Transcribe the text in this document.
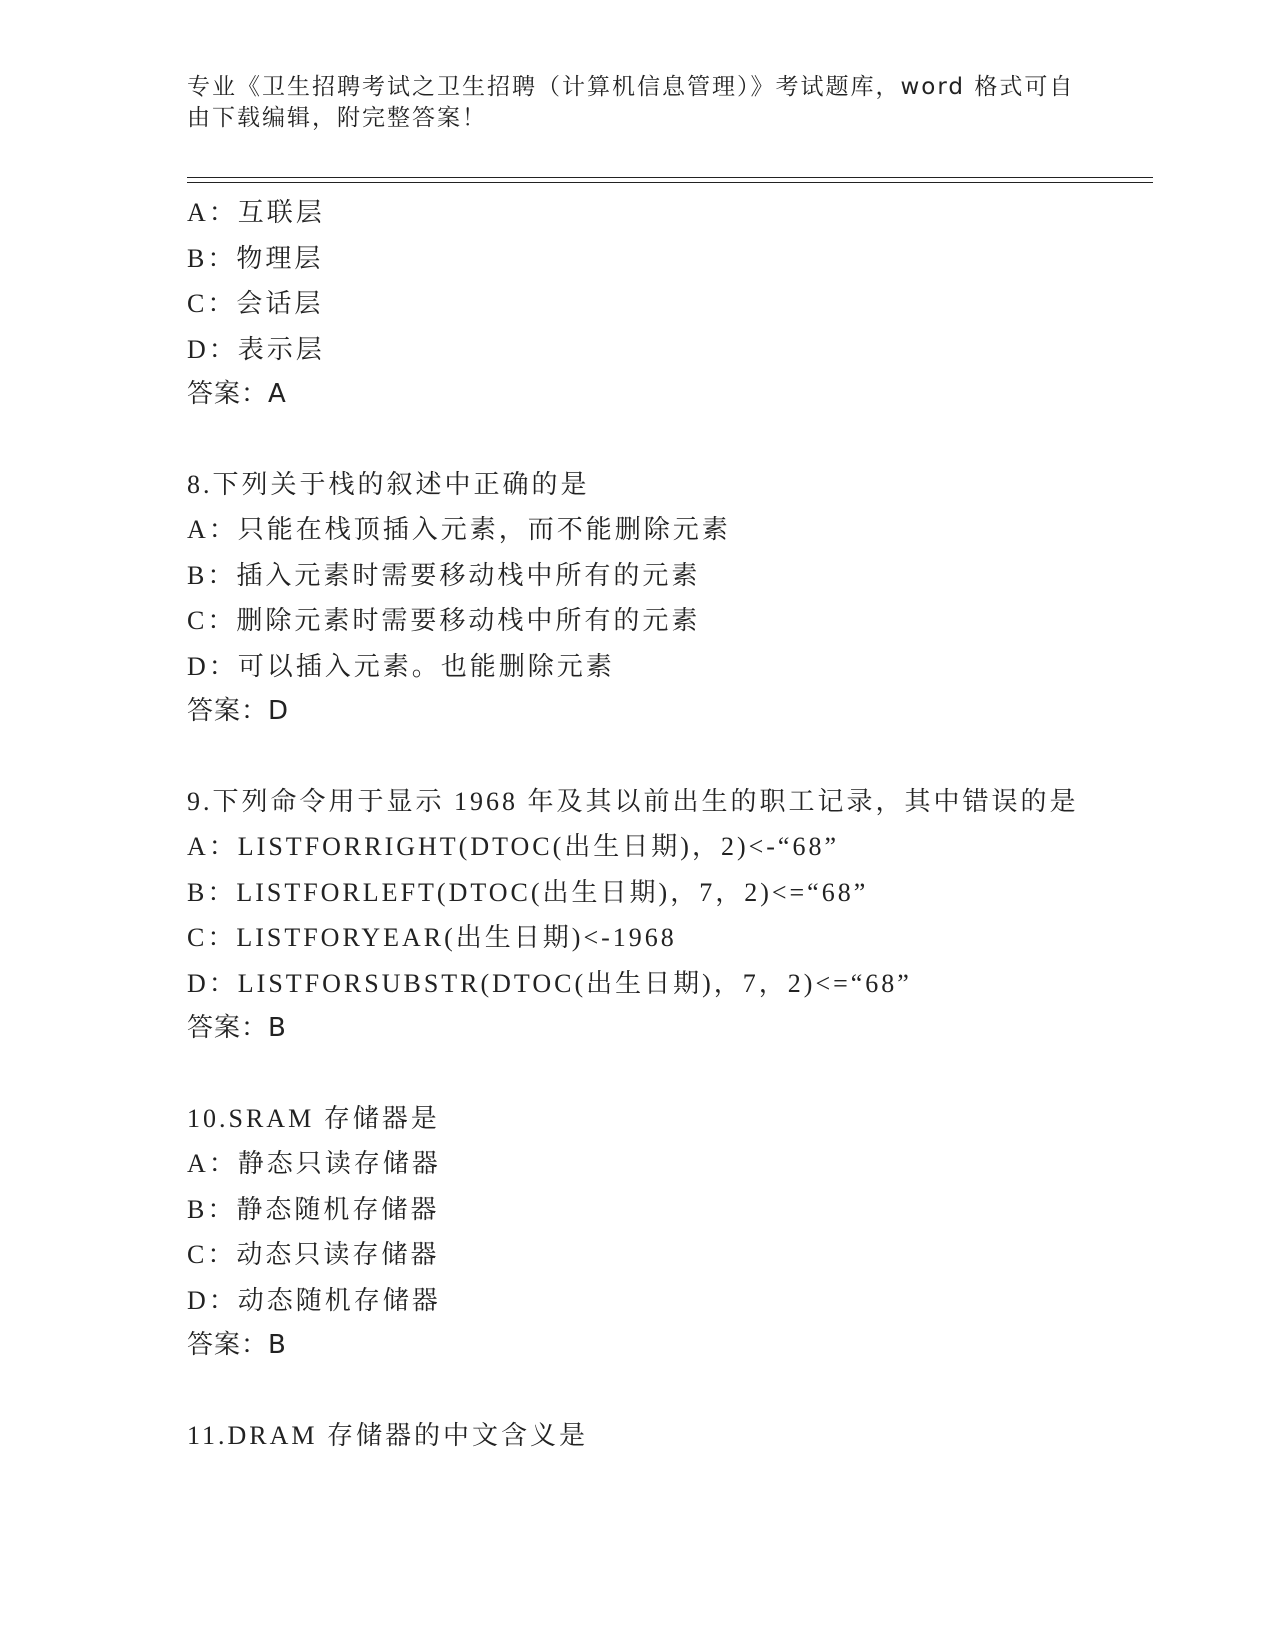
专业《卫生招聘考试之卫生招聘（计算机信息管理）》考试题库，word 格式可自
由下载编辑，附完整答案！
A：互联层
B：物理层
C：会话层
D：表示层
答案：A
8.下列关于栈的叙述中正确的是
A：只能在栈顶插入元素，而不能删除元素
B：插入元素时需要移动栈中所有的元素
C：删除元素时需要移动栈中所有的元素
D：可以插入元素。也能删除元素
答案：D
9.下列命令用于显示 1968 年及其以前出生的职工记录，其中错误的是
A：LISTFORRIGHT(DTOC(出生日期)，2)<-“68”
B：LISTFORLEFT(DTOC(出生日期)，7，2)<=“68”
C：LISTFORYEAR(出生日期)<-1968
D：LISTFORSUBSTR(DTOC(出生日期)，7，2)<=“68”
答案：B
10.SRAM 存储器是
A：静态只读存储器
B：静态随机存储器
C：动态只读存储器
D：动态随机存储器
答案：B
11.DRAM 存储器的中文含义是
